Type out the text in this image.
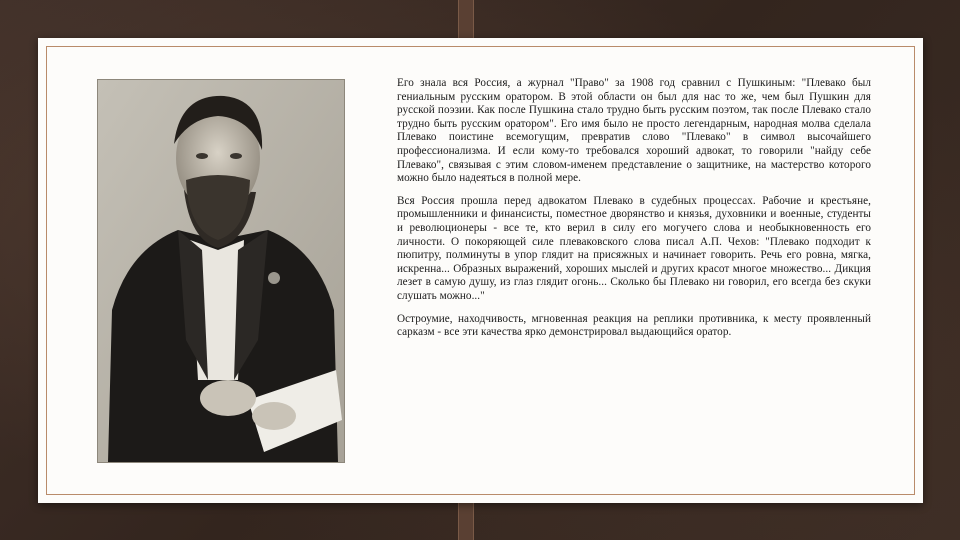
Его знала вся Россия, а журнал "Право" за 1908 год сравнил с Пушкиным: "Плевако был гениальным русским оратором. В этой области он был для нас то же, чем был Пушкин для русской поэзии. Как после Пушкина стало трудно быть русским поэтом, так после Плевако стало трудно быть русским оратором". Его имя было не просто легендарным, народная молва сделала Плевако поистине всемогущим, превратив слово "Плевако" в символ высочайшего профессионализма. И если кому-то требовался хороший адвокат, то говорили "найду себе Плевако", связывая с этим словом-именем представление о защитнике, на мастерство которого можно было надеяться в полной мере.

Вся Россия прошла перед адвокатом Плевако в судебных процессах. Рабочие и крестьяне, промышленники и финансисты, поместное дворянство и князья, духовники и военные, студенты и революционеры - все те, кто верил в силу его могучего слова и необыкновенность его личности. О покоряющей силе плеваковского слова писал А.П. Чехов: "Плевако подходит к пюпитру, полминуты в упор глядит на присяжных и начинает говорить. Речь его ровна, мягка, искренна... Образных выражений, хороших мыслей и других красот многое множество... Дикция лезет в самую душу, из глаз глядит огонь... Сколько бы Плевако ни говорил, его всегда без скуки слушать можно..."

Остроумие, находчивость, мгновенная реакция на реплики противника, к месту проявленный сарказм - все эти качества ярко демонстрировал выдающийся оратор.
